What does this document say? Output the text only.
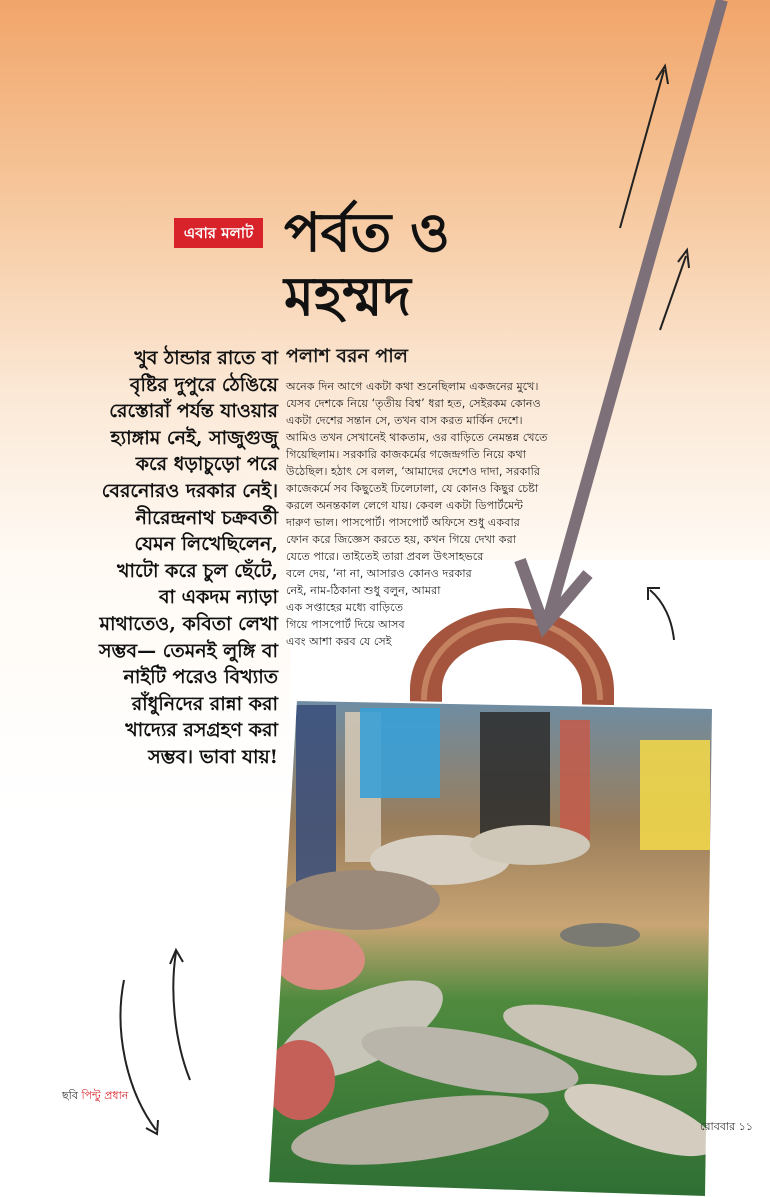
এবার মলাট পর্বত ও
মহম্মদ
পলাশ বরন পাল
খুব ঠান্ডার রাতে বা বৃষ্টির দুপুরে ঠেঙিয়ে রেস্তোরাঁ পর্যন্ত যাওয়ার হ্যাঙ্গাম নেই, সাজুগুজু করে ধড়াচুড়ো পরে বেরনোরও দরকার নেই। নীরেন্দ্রনাথ চক্রবর্তী যেমন লিখেছিলেন, খাটো করে চুল ছেঁটে, বা একদম ন্যাড়া মাথাতেও, কবিতা লেখা সম্ভব— তেমনই লুঙ্গি বা নাইটি পরেও বিখ্যাত রাঁধুনিদের রান্না করা খাদ্যের রসগ্রহণ করা সম্ভব। ভাবা যায়!
অনেক দিন আগে একটা কথা শুনেছিলাম একজনের মুখে।
যেসব দেশকে নিয়ে ‘তৃতীয় বিশ্ব’ ধরা হত, সেইরকম কোনও
একটা দেশের সন্তান সে, তখন বাস করত মার্কিন দেশে।
আমিও তখন সেখানেই থাকতাম, ওর বাড়িতে নেমন্তন্ন খেতে
গিয়েছিলাম। সরকারি কাজকর্মের গজেন্দ্রগতি নিয়ে কথা
উঠেছিল। হঠাৎ সে বলল, ‘আমাদের দেশেও দাদা, সরকারি
কাজেকর্মে সব কিছুতেই ঢিলেঢালা, যে কোনও কিছুর চেষ্টা
করলে অনন্তকাল লেগে যায়। কেবল একটা ডিপার্টমেন্ট
দারুণ ভাল। পাসপোর্ট। পাসপোর্ট অফিসে শুধু একবার
ফোন করে জিজ্ঞেস করতে হয়, কখন গিয়ে দেখা করা
যেতে পারে। তাইতেই তারা প্রবল উৎসাহভরে
বলে দেয়, ‘না না, আসারও কোনও দরকার
নেই, নাম-ঠিকানা শুধু বলুন, আমরা
এক সপ্তাহের মধ্যে বাড়িতে
গিয়ে পাসপোর্ট দিয়ে আসব
এবং আশা করব যে সেই
ছবি পিন্টু প্রধান
রোববার ১১
